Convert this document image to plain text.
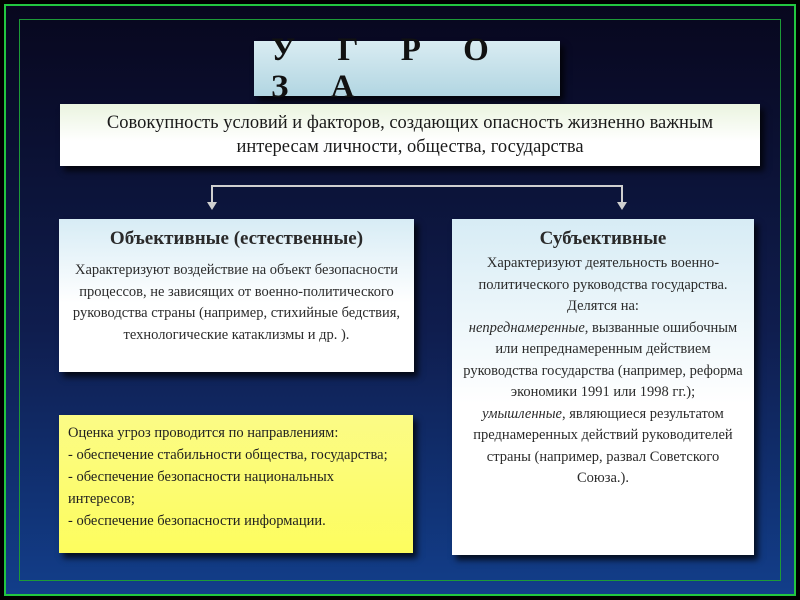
У Г Р О З А
Совокупность условий и факторов, создающих опасность жизненно важным интересам личности, общества, государства
Объективные (естественные)
Характеризуют воздействие на объект безопасности процессов, не зависящих от военно-политического руководства страны (например, стихийные бедствия, технологические катаклизмы и др. ).
Субъективные

Характеризуют деятельность военно-политического руководства государства.

Делятся на:

непреднамеренные, вызванные ошибочным или непреднамеренным действием руководства государства (например, реформа экономики 1991 или 1998 гг.);

умышленные, являющиеся результатом преднамеренных действий руководителей страны (например, развал Советского Союза.).

Оценка угроз проводится по направлениям:

- обеспечение стабильности общества, государства;

- обеспечение безопасности национальных интересов;

- обеспечение безопасности информации.
